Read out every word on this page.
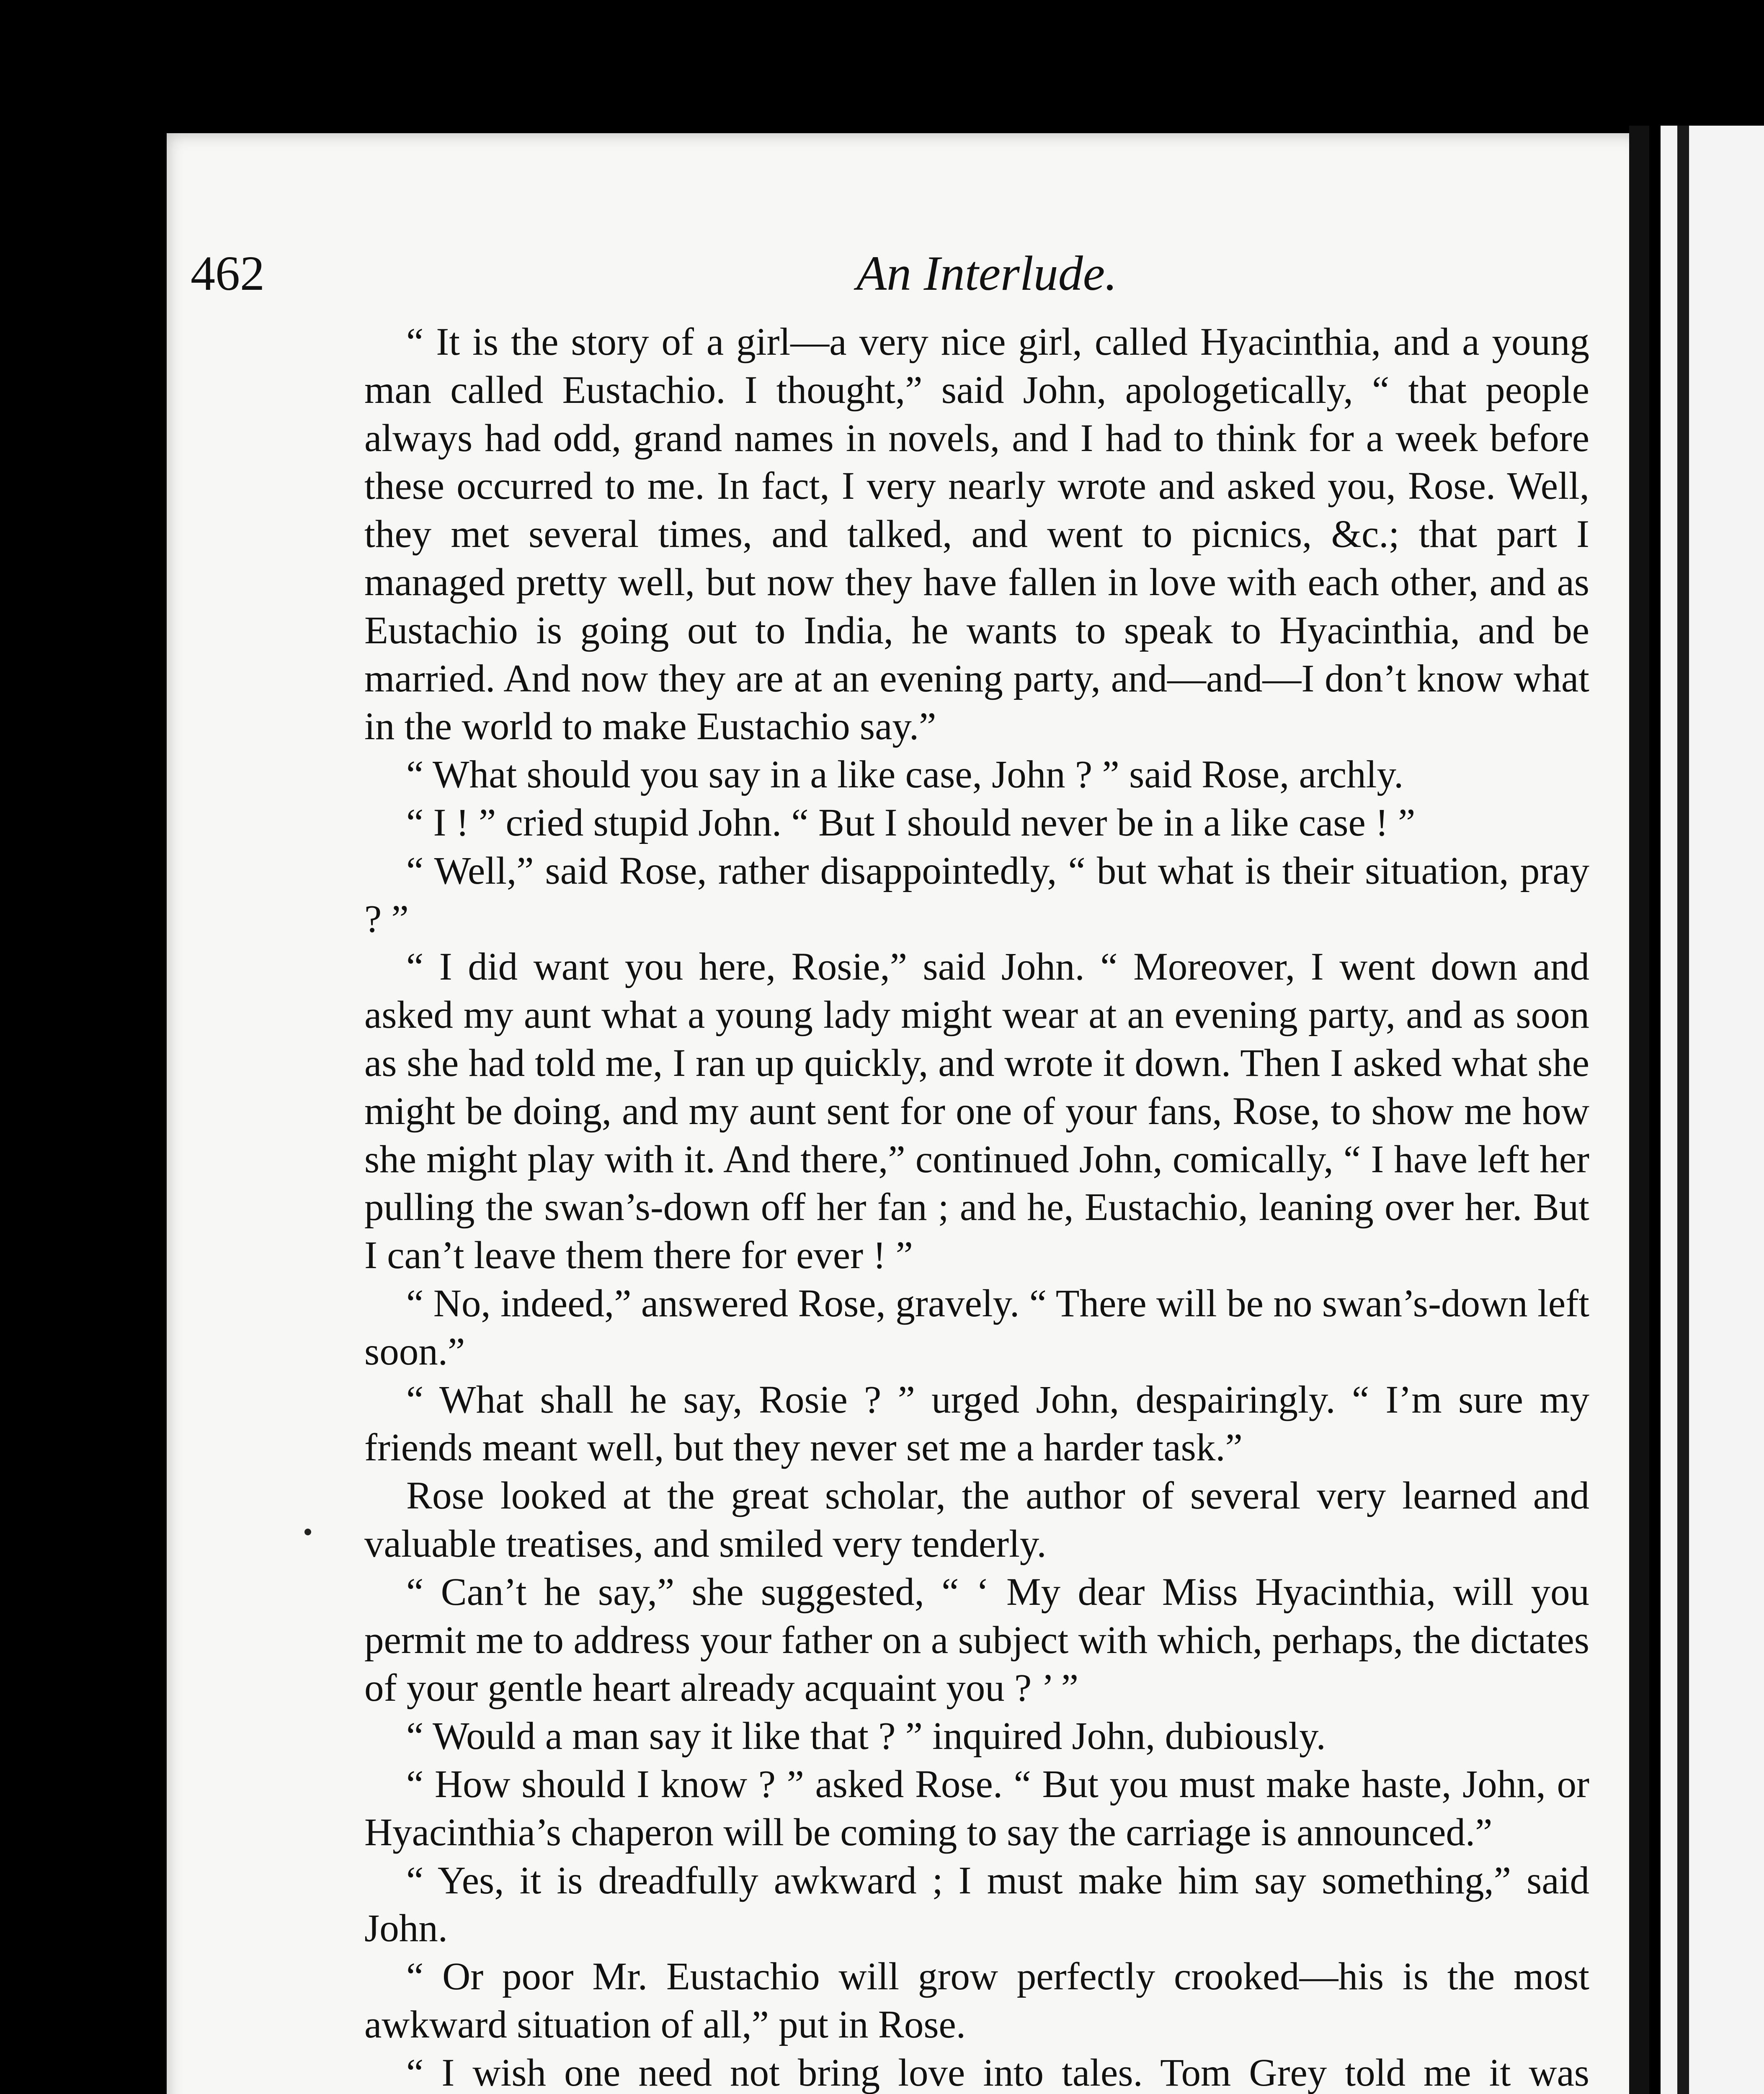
462	An Interlude.

“ It is the story of a girl—a very nice girl, called Hyacinthia, and a young man called Eustachio. I thought,” said John, apologetically, “ that people always had odd, grand names in novels, and I had to think for a week before these occurred to me. In fact, I very nearly wrote and asked you, Rose. Well, they met several times, and talked, and went to picnics, &c.; that part I managed pretty well, but now they have fallen in love with each other, and as Eustachio is going out to India, he wants to speak to Hyacinthia, and be married. And now they are at an evening party, and—and—I don’t know what in the world to make Eustachio say.”

“ What should you say in a like case, John ? ” said Rose, archly.

“ I ! ” cried stupid John. “ But I should never be in a like case ! ”

“ Well,” said Rose, rather disappointedly, “ but what is their situation, pray ? ”

“ I did want you here, Rosie,” said John. “ Moreover, I went down and asked my aunt what a young lady might wear at an evening party, and as soon as she had told me, I ran up quickly, and wrote it down. Then I asked what she might be doing, and my aunt sent for one of your fans, Rose, to show me how she might play with it. And there,” continued John, comically, “ I have left her pulling the swan’s-down off her fan ; and he, Eustachio, leaning over her. But I can’t leave them there for ever ! ”

“ No, indeed,” answered Rose, gravely. “ There will be no swan’s-down left soon.”

“ What shall he say, Rosie ? ” urged John, despairingly. “ I’m sure my friends meant well, but they never set me a harder task.”

Rose looked at the great scholar, the author of several very learned and valuable treatises, and smiled very tenderly.

“ Can’t he say,” she suggested, “ ‘ My dear Miss Hyacinthia, will you permit me to address your father on a subject with which, perhaps, the dictates of your gentle heart already acquaint you ? ’ ”

“ Would a man say it like that ? ” inquired John, dubiously.

“ How should I know ? ” asked Rose. “ But you must make haste, John, or Hyacinthia’s chaperon will be coming to say the carriage is announced.”

“ Yes, it is dreadfully awkward ; I must make him say something,” said John.

“ Or poor Mr. Eustachio will grow perfectly crooked—his is the most awkward situation of all,” put in Rose.

“ I wish one need not bring love into tales. Tom Grey told me it was
